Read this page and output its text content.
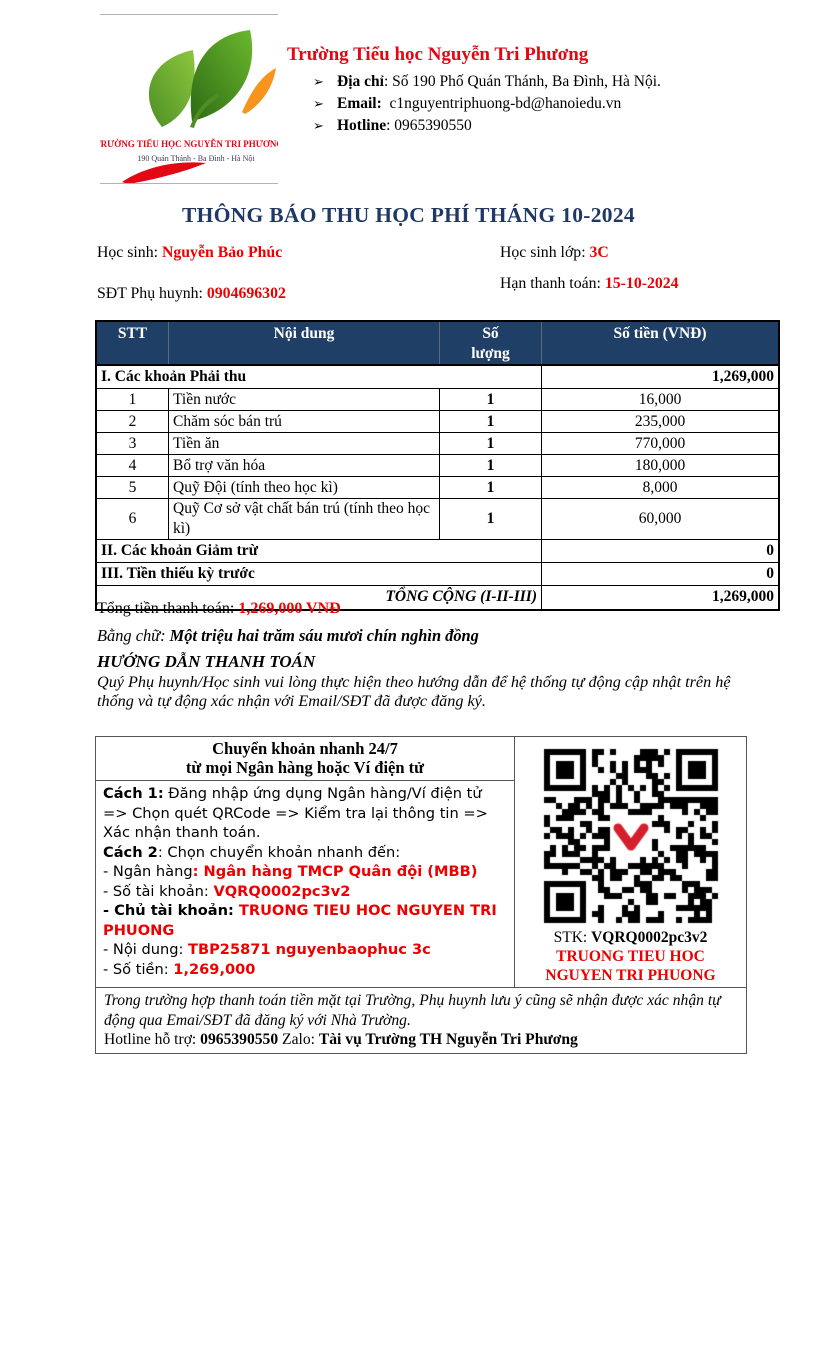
TRƯỜNG TIỂU HỌC NGUYỄN TRI PHƯƠNG
190 Quán Thánh - Ba Đình - Hà Nội
Trường Tiểu học Nguyễn Tri Phương
➢ Địa chỉ: Số 190 Phố Quán Thánh, Ba Đình, Hà Nội.
➢ Email: c1nguyentriphuong-bd@hanoiedu.vn
➢ Hotline: 0965390550
THÔNG BÁO THU HỌC PHÍ THÁNG 10-2024
Học sinh: Nguyễn Bảo Phúc	Học sinh lớp: 3C
SĐT Phụ huynh: 0904696302
Hạn thanh toán: 15-10-2024
STT	Nội dung	Số lượng	Số tiền (VNĐ)
I. Các khoản Phải thu			1,269,000
1	Tiền nước	1	16,000
2	Chăm sóc bán trú	1	235,000
3	Tiền ăn	1	770,000
4	Bổ trợ văn hóa	1	180,000
5	Quỹ Đội (tính theo học kì)	1	8,000
6	Quỹ Cơ sở vật chất bán trú (tính theo học kì)	1	60,000
II. Các khoản Giảm trừ			0
III. Tiền thiếu kỳ trước			0
TỔNG CỘNG (I-II-III)			1,269,000
Tổng tiền thanh toán: 1,269,000 VNĐ
Bằng chữ: Một triệu hai trăm sáu mươi chín nghìn đồng
HƯỚNG DẪN THANH TOÁN
Quý Phụ huynh/Học sinh vui lòng thực hiện theo hướng dẫn để hệ thống tự động cập nhật trên hệ thống và tự động xác nhận với Email/SĐT đã được đăng ký.
Chuyển khoản nhanh 24/7
từ mọi Ngân hàng hoặc Ví điện tử

STK: VQRQ0002pc3v2
TRUONG TIEU HOC
NGUYEN TRI PHUONG

Cách 1: Đăng nhập ứng dụng Ngân hàng/Ví điện tử => Chọn quét QRCode => Kiểm tra lại thông tin => Xác nhận thanh toán.
Cách 2: Chọn chuyển khoản nhanh đến:
- Ngân hàng: Ngân hàng TMCP Quân đội (MBB)
- Số tài khoản: VQRQ0002pc3v2
- Chủ tài khoản: TRUONG TIEU HOC NGUYEN TRI PHUONG
- Nội dung: TBP25871 nguyenbaophuc 3c
- Số tiền: 1,269,000
Trong trường hợp thanh toán tiền mặt tại Trường, Phụ huynh lưu ý cũng sẽ nhận được xác nhận tự động qua Emai/SĐT đã đăng ký với Nhà Trường.
Hotline hỗ trợ: 0965390550 Zalo: Tài vụ Trường TH Nguyễn Tri Phương
